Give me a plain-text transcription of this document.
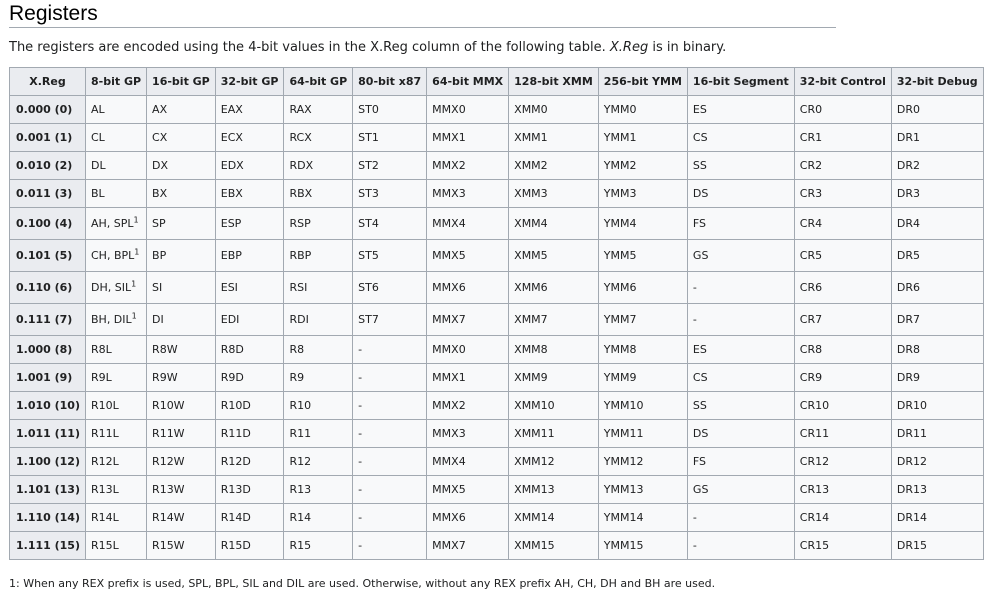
Registers

The registers are encoded using the 4-bit values in the X.Reg column of the following table. X.Reg is in binary.

X.Reg	8-bit GP	16-bit GP	32-bit GP	64-bit GP	80-bit x87	64-bit MMX	128-bit XMM	256-bit YMM	16-bit Segment	32-bit Control	32-bit Debug
0.000 (0)	AL	AX	EAX	RAX	ST0	MMX0	XMM0	YMM0	ES	CR0	DR0
0.001 (1)	CL	CX	ECX	RCX	ST1	MMX1	XMM1	YMM1	CS	CR1	DR1
0.010 (2)	DL	DX	EDX	RDX	ST2	MMX2	XMM2	YMM2	SS	CR2	DR2
0.011 (3)	BL	BX	EBX	RBX	ST3	MMX3	XMM3	YMM3	DS	CR3	DR3
0.100 (4)	AH, SPL$^1$	SP	ESP	RSP	ST4	MMX4	XMM4	YMM4	FS	CR4	DR4
0.101 (5)	CH, BPL$^1$	BP	EBP	RBP	ST5	MMX5	XMM5	YMM5	GS	CR5	DR5
0.110 (6)	DH, SIL$^1$	SI	ESI	RSI	ST6	MMX6	XMM6	YMM6	-	CR6	DR6
0.111 (7)	BH, DIL$^1$	DI	EDI	RDI	ST7	MMX7	XMM7	YMM7	-	CR7	DR7
1.000 (8)	R8L	R8W	R8D	R8	-	MMX0	XMM8	YMM8	ES	CR8	DR8
1.001 (9)	R9L	R9W	R9D	R9	-	MMX1	XMM9	YMM9	CS	CR9	DR9
1.010 (10)	R10L	R10W	R10D	R10	-	MMX2	XMM10	YMM10	SS	CR10	DR10
1.011 (11)	R11L	R11W	R11D	R11	-	MMX3	XMM11	YMM11	DS	CR11	DR11
1.100 (12)	R12L	R12W	R12D	R12	-	MMX4	XMM12	YMM12	FS	CR12	DR12
1.101 (13)	R13L	R13W	R13D	R13	-	MMX5	XMM13	YMM13	GS	CR13	DR13
1.110 (14)	R14L	R14W	R14D	R14	-	MMX6	XMM14	YMM14	-	CR14	DR14
1.111 (15)	R15L	R15W	R15D	R15	-	MMX7	XMM15	YMM15	-	CR15	DR15

1: When any REX prefix is used, SPL, BPL, SIL and DIL are used. Otherwise, without any REX prefix AH, CH, DH and BH are used.
